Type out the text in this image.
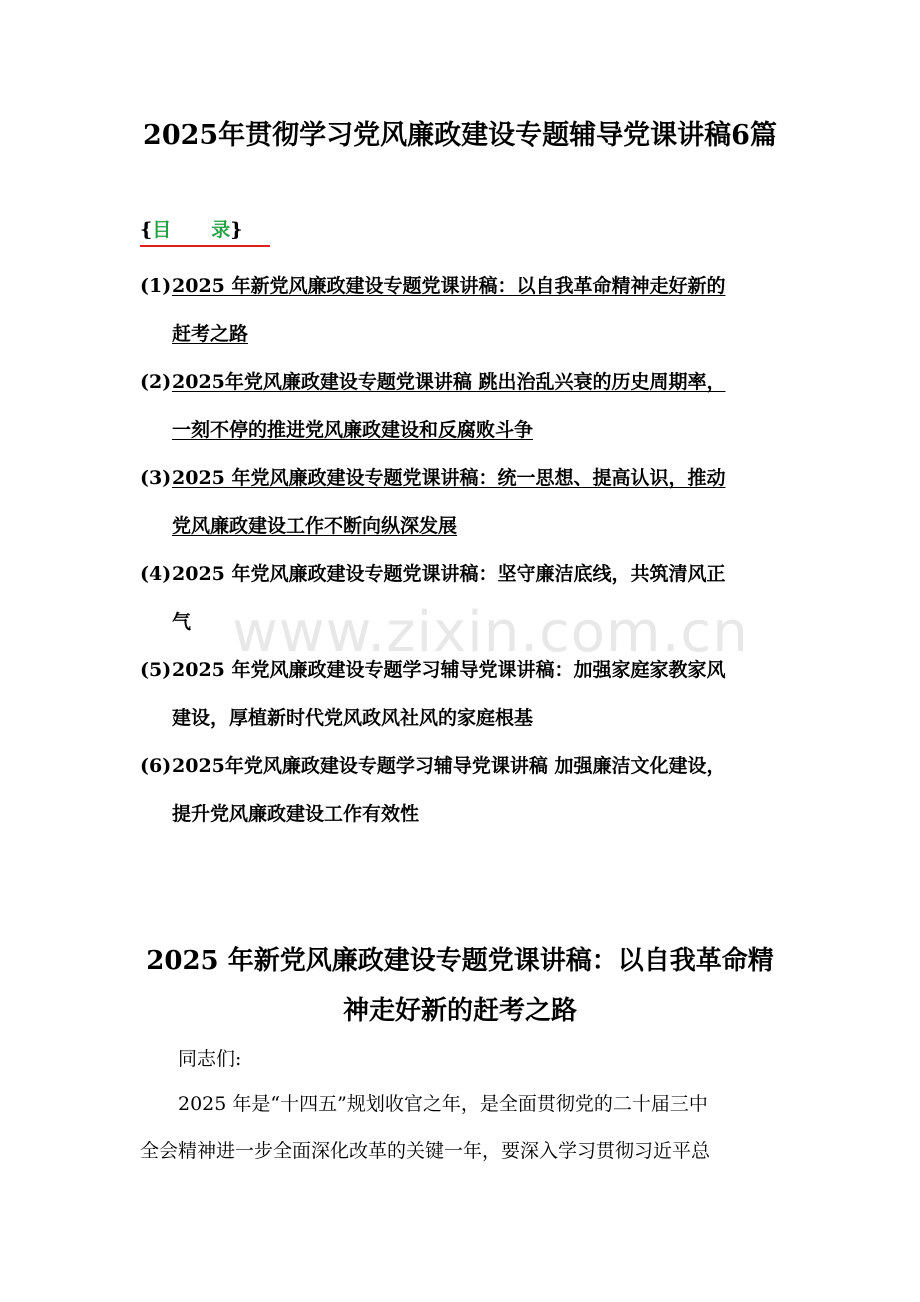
2025年贯彻学习党风廉政建设专题辅导党课讲稿6篇
{目 录}
(1) 2025 年新党风廉政建设专题党课讲稿：以自我革命精神走好新的
赶考之路
(2) 2025年党风廉政建设专题党课讲稿 跳出治乱兴衰的历史周期率，
一刻不停的推进党风廉政建设和反腐败斗争
(3) 2025 年党风廉政建设专题党课讲稿：统一思想、提高认识，推动
党风廉政建设工作不断向纵深发展
(4) 2025 年党风廉政建设专题党课讲稿：坚守廉洁底线，共筑清风正
气
(5) 2025 年党风廉政建设专题学习辅导党课讲稿：加强家庭家教家风
建设，厚植新时代党风政风社风的家庭根基
(6) 2025年党风廉政建设专题学习辅导党课讲稿 加强廉洁文化建设，
提升党风廉政建设工作有效性
www.zixin.com.cn
2025 年新党风廉政建设专题党课讲稿：以自我革命精
神走好新的赶考之路
同志们:
2025 年是“十四五”规划收官之年，是全面贯彻党的二十届三中
全会精神进一步全面深化改革的关键一年，要深入学习贯彻习近平总
